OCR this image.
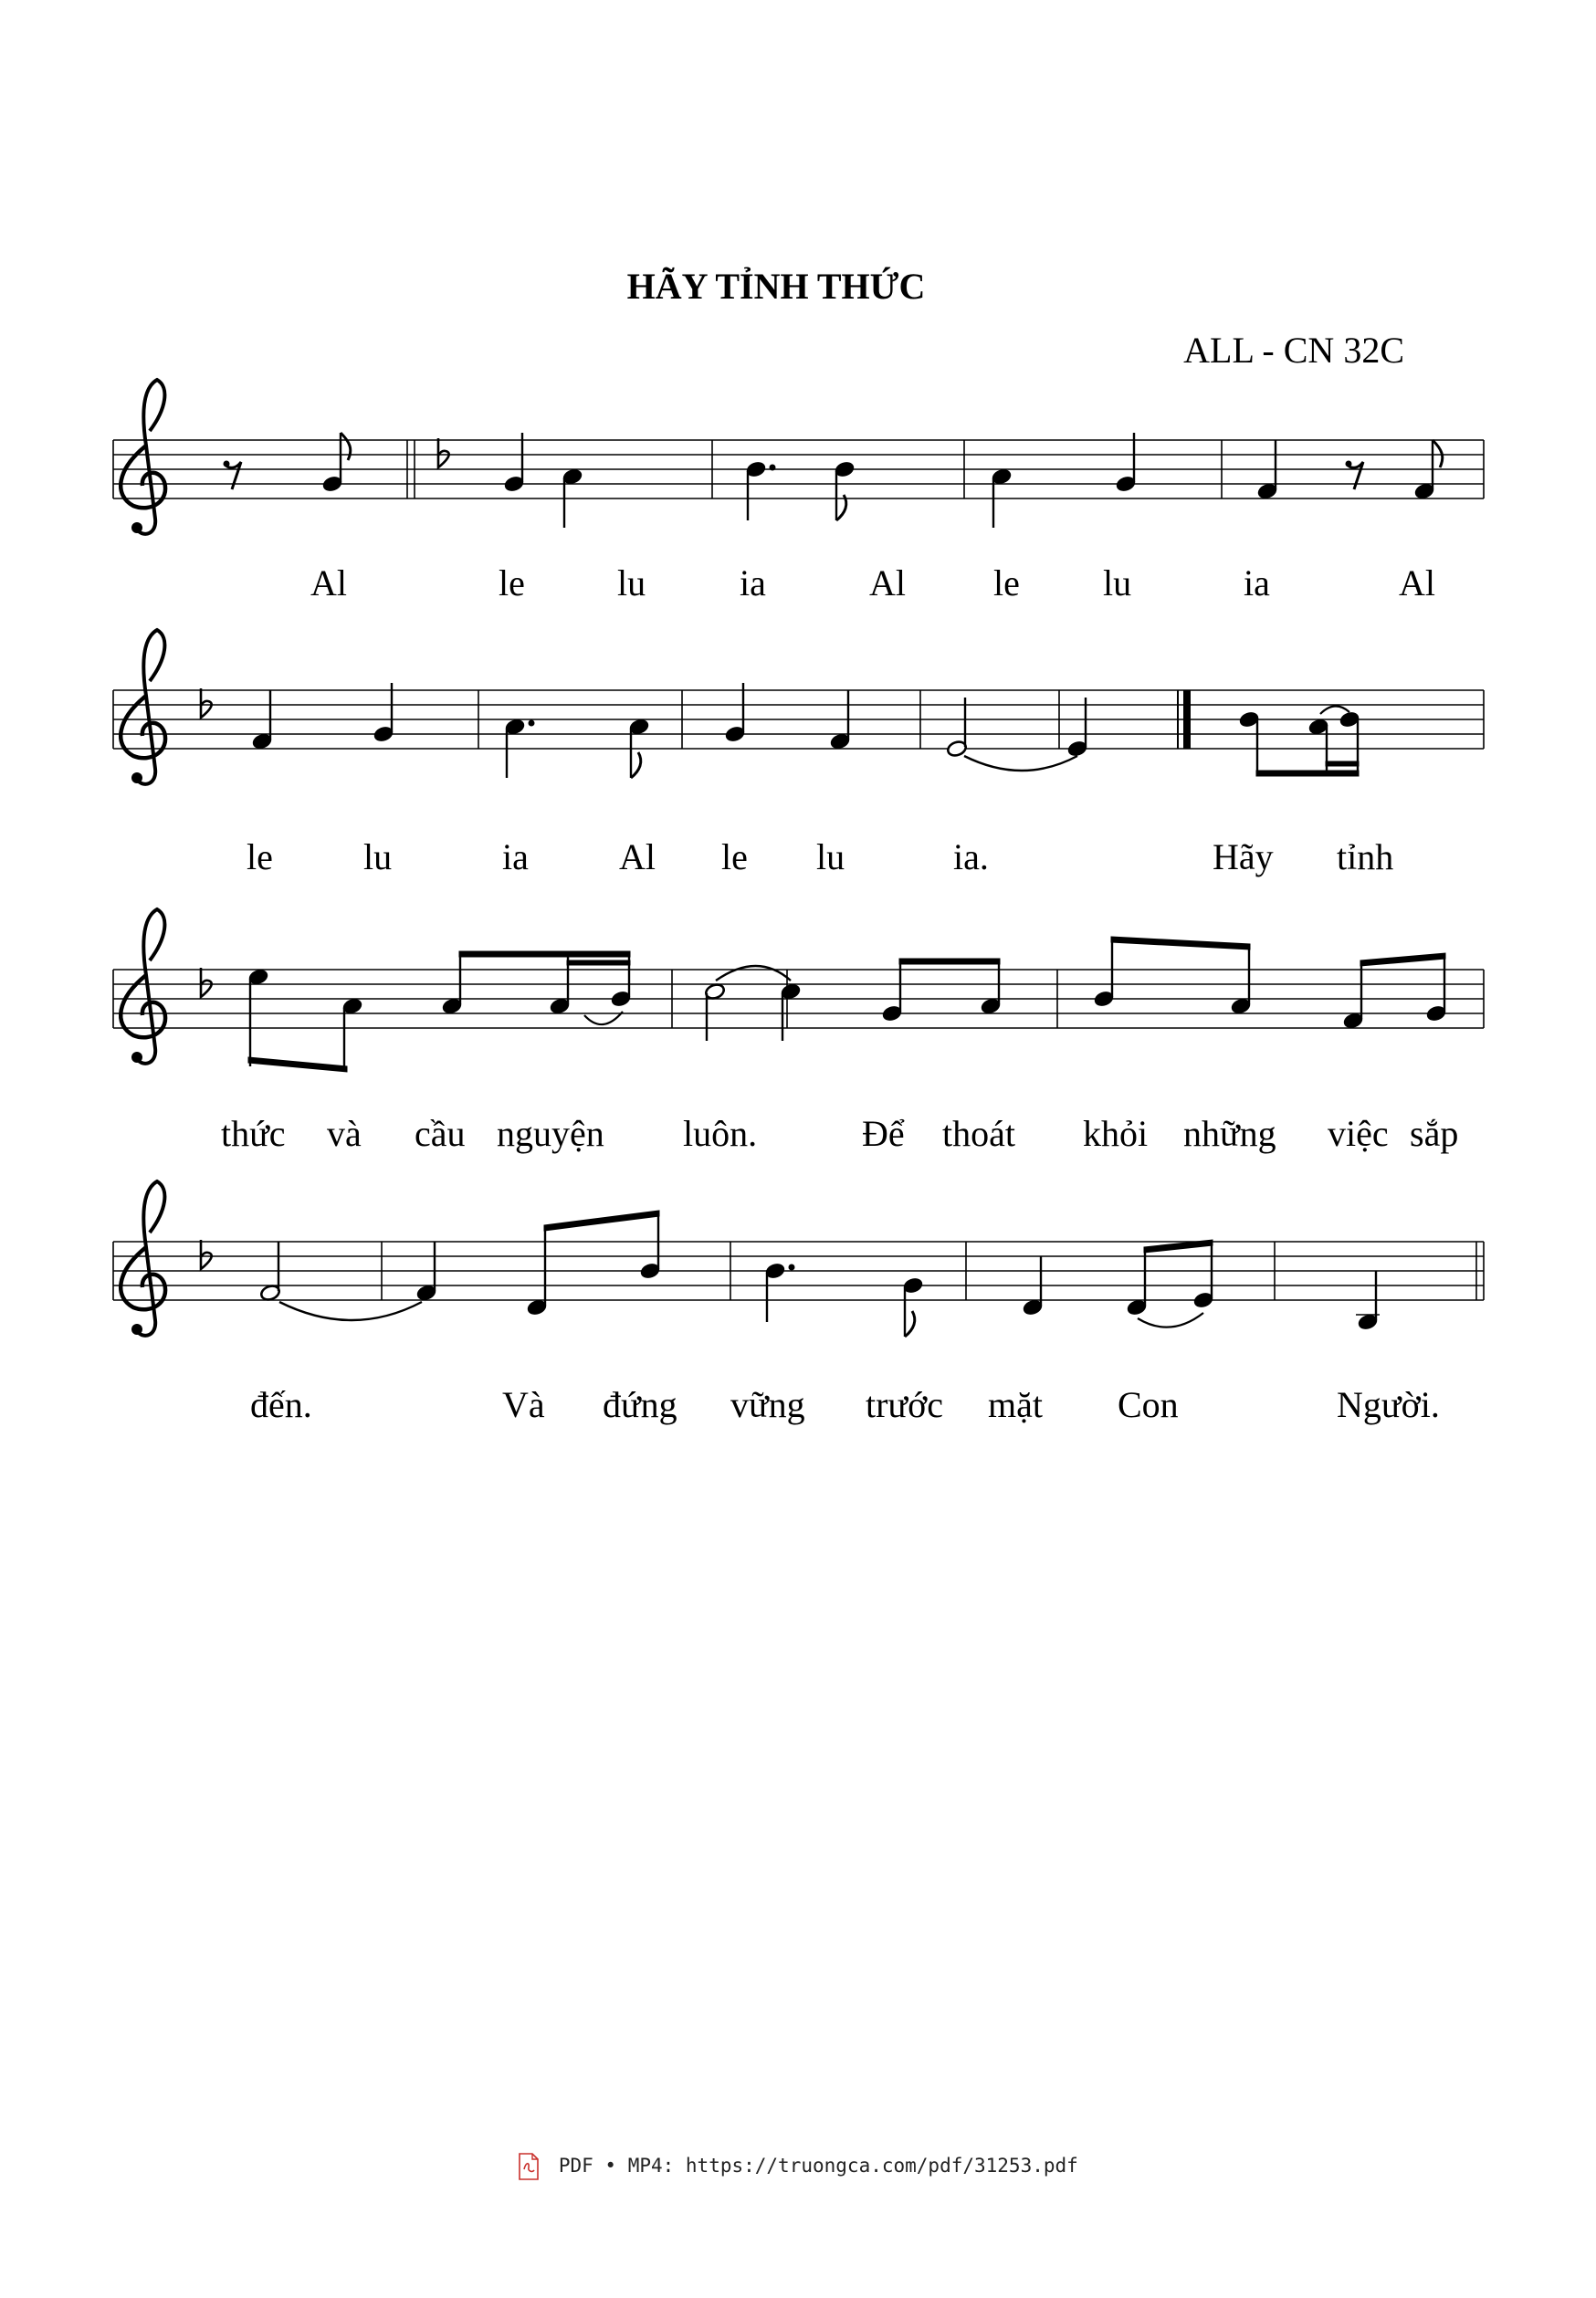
HÃY TỈNH THỨC
ALL - CN 32C
Al	le	lu	ia	Al le lu	ia	Al
le lu	ia Al le lu	ia.	Hãy tỉnh
thức và cầu nguyện luôn.	Để thoát khỏi những việc sắp
đến.	Và đứng vững trước mặt Con	Người.
PDF • MP4: https://truongca.com/pdf/31253.pdf
